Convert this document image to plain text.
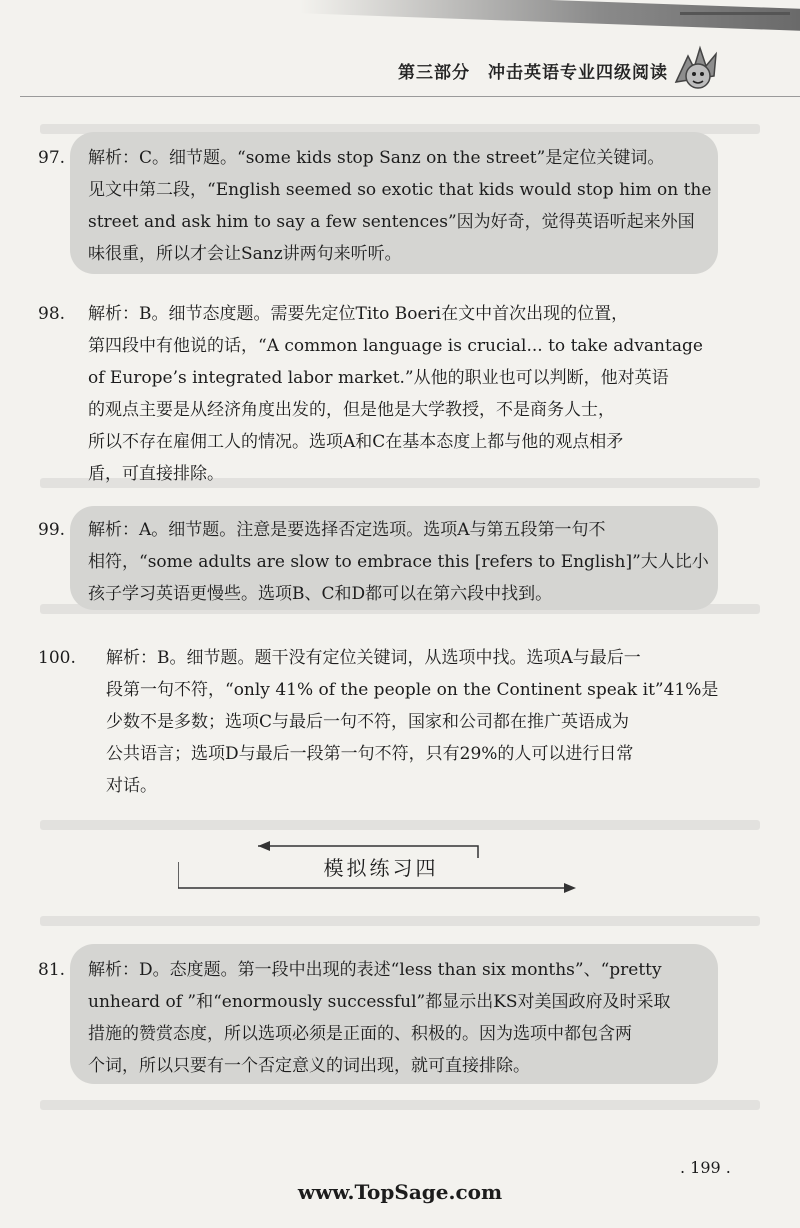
第三部分　冲击英语专业四级阅读
97. 解析：C。细节题。“some kids stop Sanz on the street”是定位关键词。
见文中第二段，“English seemed so exotic that kids would stop him on the
street and ask him to say a few sentences”因为好奇，觉得英语听起来外国
味很重，所以才会让Sanz讲两句来听听。
98. 解析：B。细节态度题。需要先定位Tito Boeri在文中首次出现的位置，
第四段中有他说的话，“A common language is crucial... to take advantage
of Europe’s integrated labor market.”从他的职业也可以判断，他对英语
的观点主要是从经济角度出发的，但是他是大学教授，不是商务人士，
所以不存在雇佣工人的情况。选项A和C在基本态度上都与他的观点相矛
盾，可直接排除。
99. 解析：A。细节题。注意是要选择否定选项。选项A与第五段第一句不
相符，“some adults are slow to embrace this [refers to English]”大人比小
孩子学习英语更慢些。选项B、C和D都可以在第六段中找到。
100. 解析：B。细节题。题干没有定位关键词，从选项中找。选项A与最后一
段第一句不符，“only 41% of the people on the Continent speak it”41%是
少数不是多数；选项C与最后一句不符，国家和公司都在推广英语成为
公共语言；选项D与最后一段第一句不符，只有29%的人可以进行日常
对话。
模拟练习四
81. 解析：D。态度题。第一段中出现的表述“less than six months”、“pretty
unheard of ”和“enormously successful”都显示出KS对美国政府及时采取
措施的赞赏态度，所以选项必须是正面的、积极的。因为选项中都包含两
个词，所以只要有一个否定意义的词出现，就可直接排除。
. 199 .
www.TopSage.com
